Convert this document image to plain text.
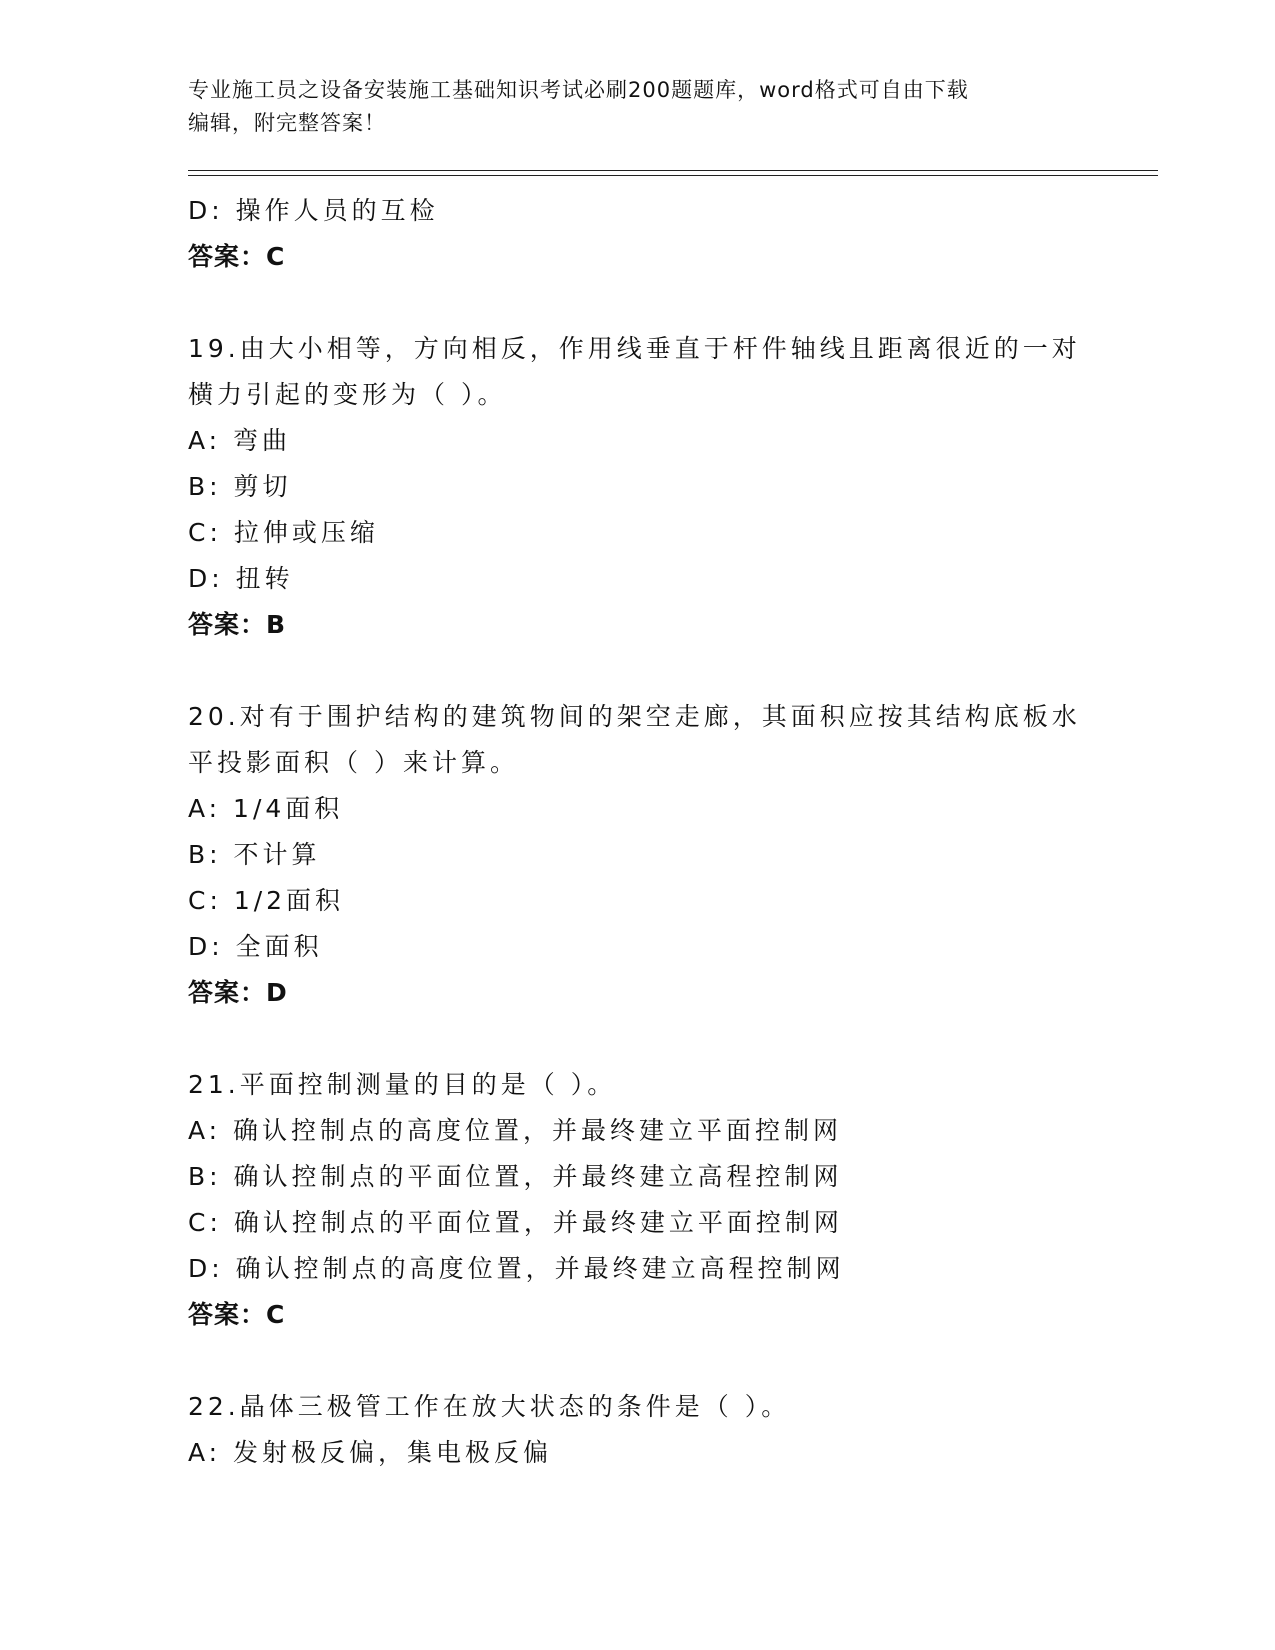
专业施工员之设备安装施工基础知识考试必刷200题题库，word格式可自由下载
编辑，附完整答案！
D: 操作人员的互检
答案：C
19.由大小相等，方向相反，作用线垂直于杆件轴线且距离很近的一对
横力引起的变形为（ ）。
A: 弯曲
B: 剪切
C: 拉伸或压缩
D: 扭转
答案：B
20.对有于围护结构的建筑物间的架空走廊，其面积应按其结构底板水
平投影面积（ ）来计算。
A: 1/4面积
B: 不计算
C: 1/2面积
D: 全面积
答案：D
21.平面控制测量的目的是（ ）。
A: 确认控制点的高度位置，并最终建立平面控制网
B: 确认控制点的平面位置，并最终建立高程控制网
C: 确认控制点的平面位置，并最终建立平面控制网
D: 确认控制点的高度位置，并最终建立高程控制网
答案：C
22.晶体三极管工作在放大状态的条件是（ ）。
A: 发射极反偏，集电极反偏
